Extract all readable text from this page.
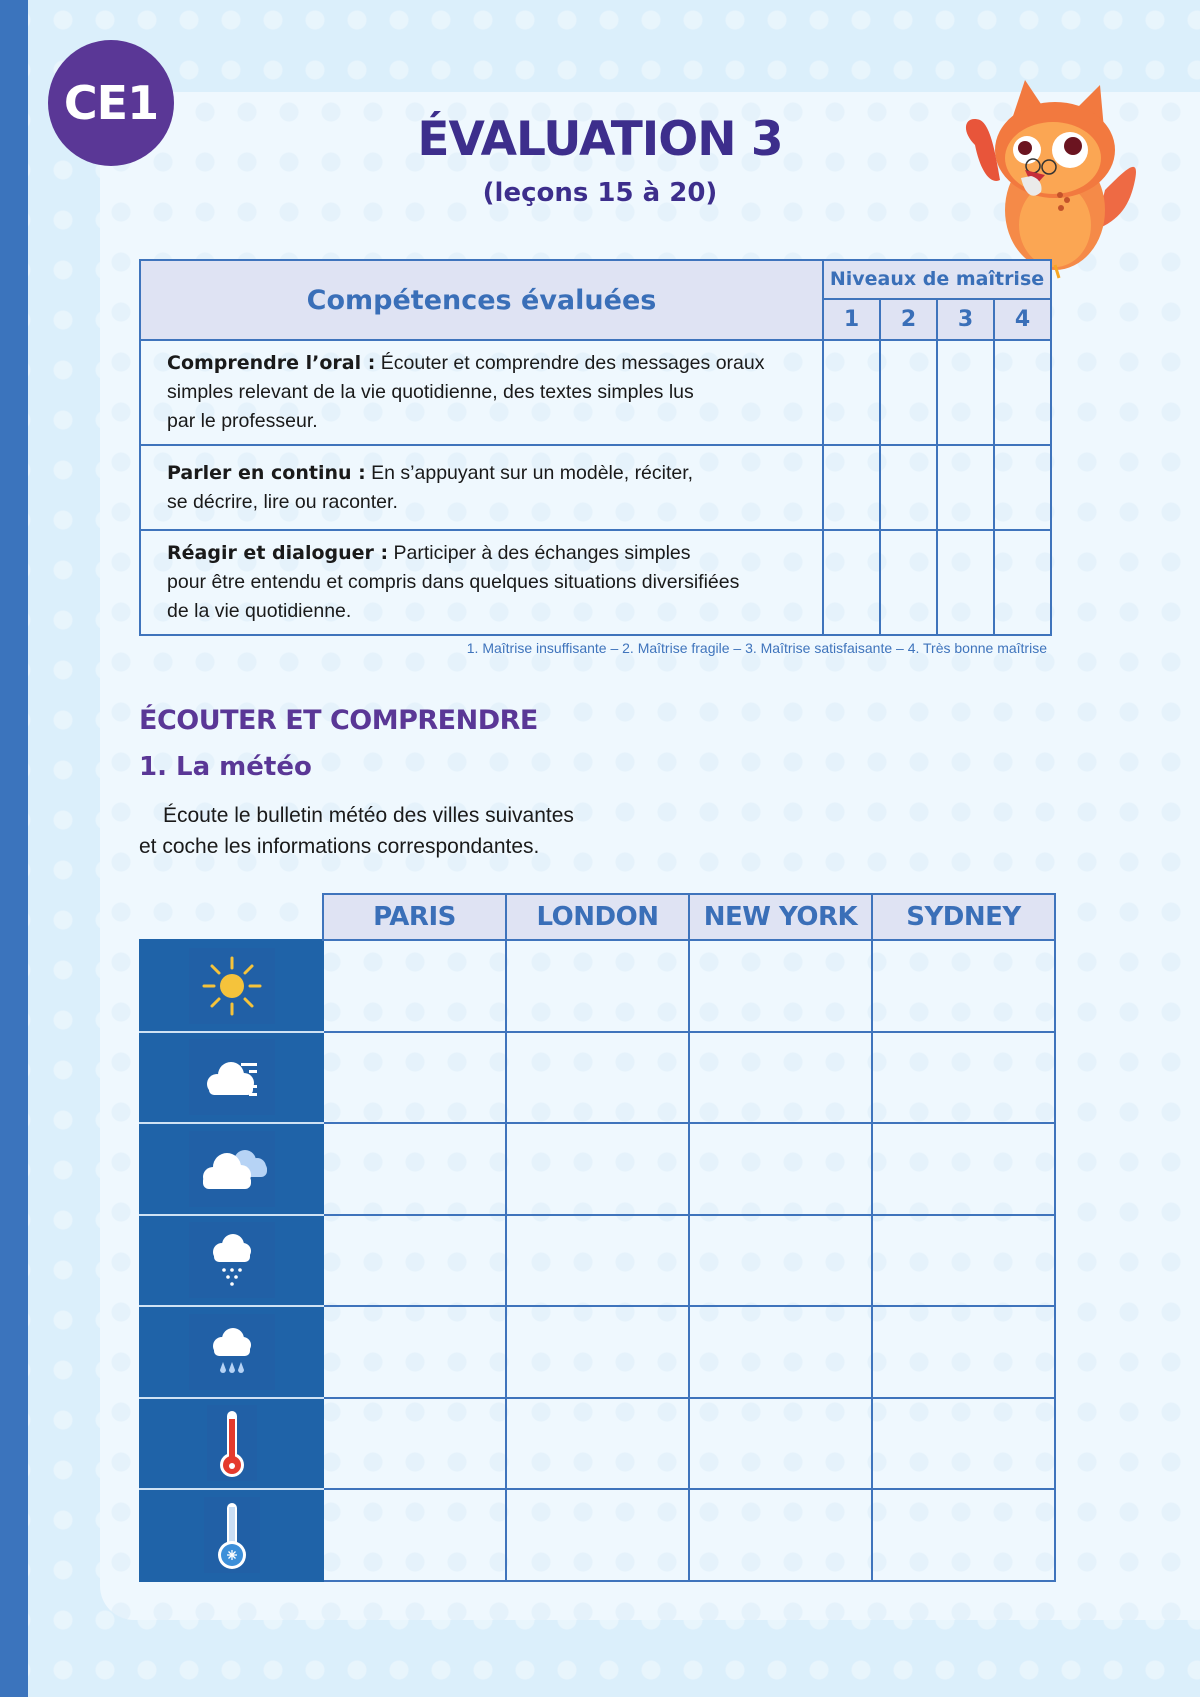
CE1
ÉVALUATION 3
(leçons 15 à 20)
Compétences évaluées	Niveaux de maîtrise			
	1	2	3	4
Comprendre l’oral : Écouter et comprendre des messages oraux
simples relevant de la vie quotidienne, des textes simples lus
par le professeur.				
Parler en continu : En s’appuyant sur un modèle, réciter,
se décrire, lire ou raconter.				
Réagir et dialoguer : Participer à des échanges simples
pour être entendu et compris dans quelques situations diversifiées
de la vie quotidienne.				
1. Maîtrise insuffisante – 2. Maîtrise fragile – 3. Maîtrise satisfaisante – 4. Très bonne maîtrise
ÉCOUTER ET COMPRENDRE
1. La météo
Écoute le bulletin météo des villes suivantes
et coche les informations correspondantes.
	PARIS	LONDON	NEW YORK	SYDNEY
